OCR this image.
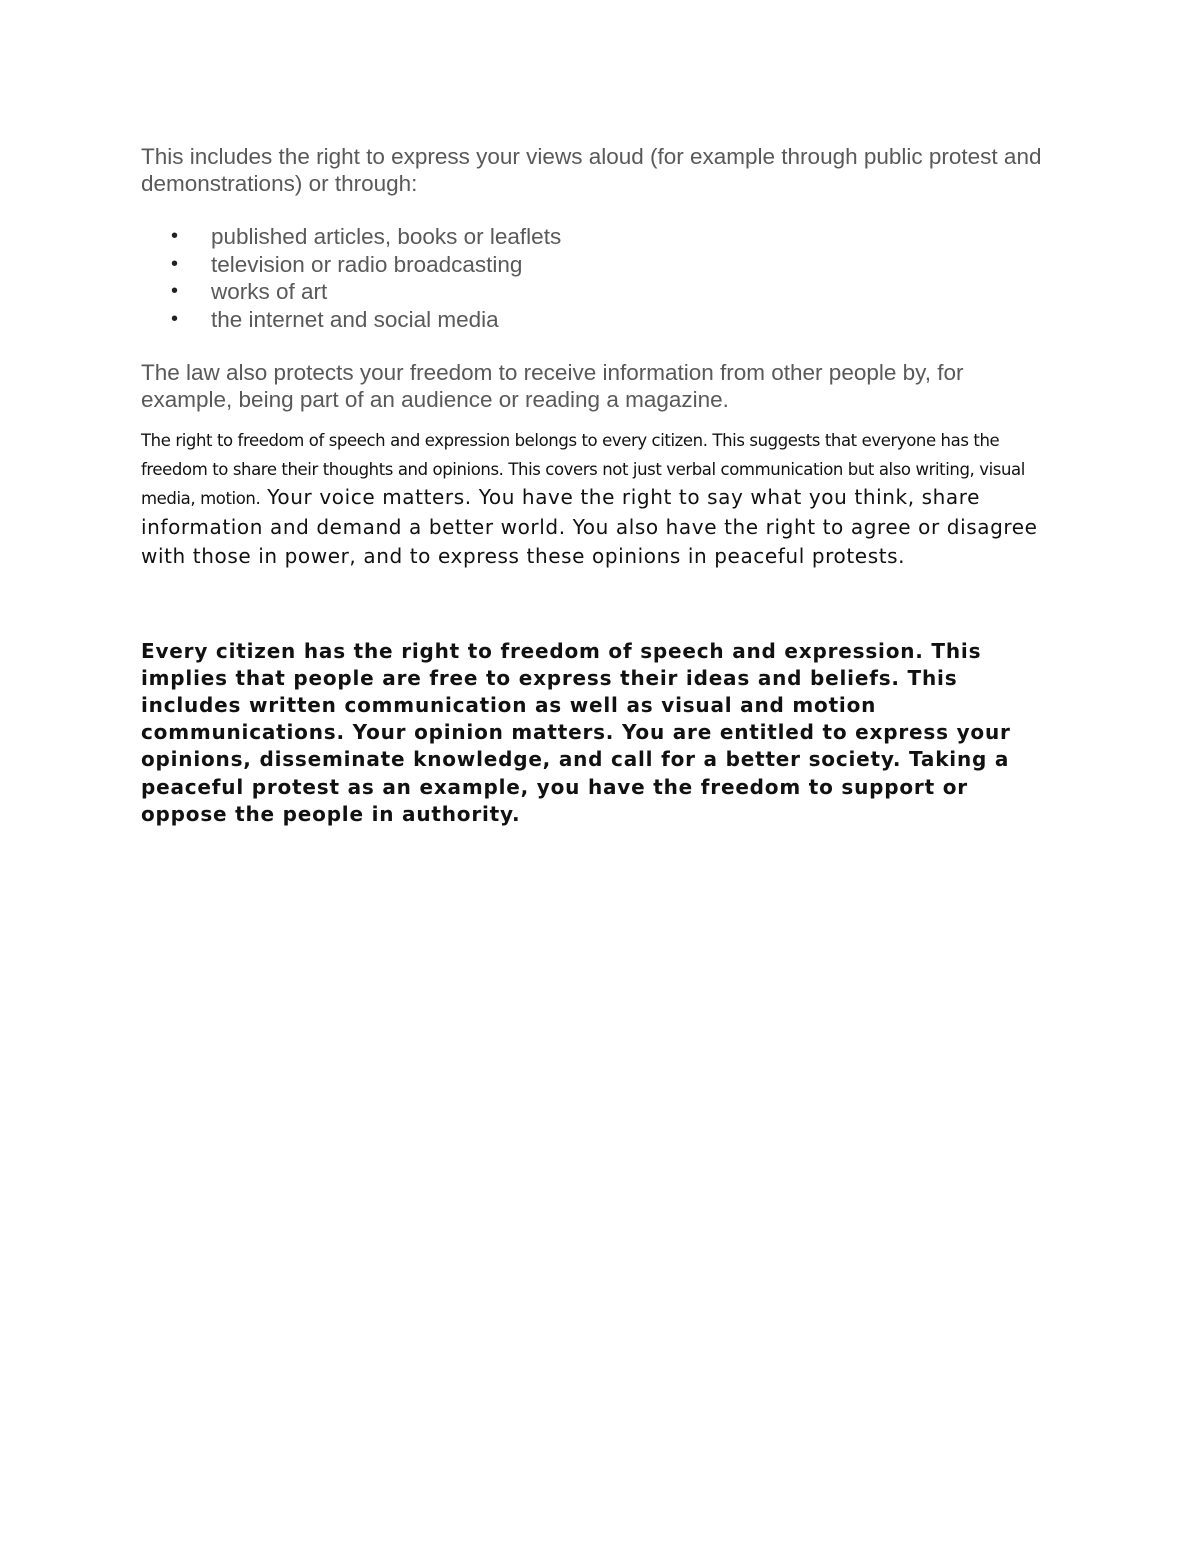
This includes the right to express your views aloud (for example through public protest and demonstrations) or through:

• published articles, books or leaflets
• television or radio broadcasting
• works of art
• the internet and social media

The law also protects your freedom to receive information from other people by, for example, being part of an audience or reading a magazine.

The right to freedom of speech and expression belongs to every citizen. This suggests that everyone has the freedom to share their thoughts and opinions. This covers not just verbal communication but also writing, visual media, motion. Your voice matters. You have the right to say what you think, share information and demand a better world. You also have the right to agree or disagree with those in power, and to express these opinions in peaceful protests.

Every citizen has the right to freedom of speech and expression. This implies that people are free to express their ideas and beliefs. This includes written communication as well as visual and motion communications. Your opinion matters. You are entitled to express your opinions, disseminate knowledge, and call for a better society. Taking a peaceful protest as an example, you have the freedom to support or oppose the people in authority.
